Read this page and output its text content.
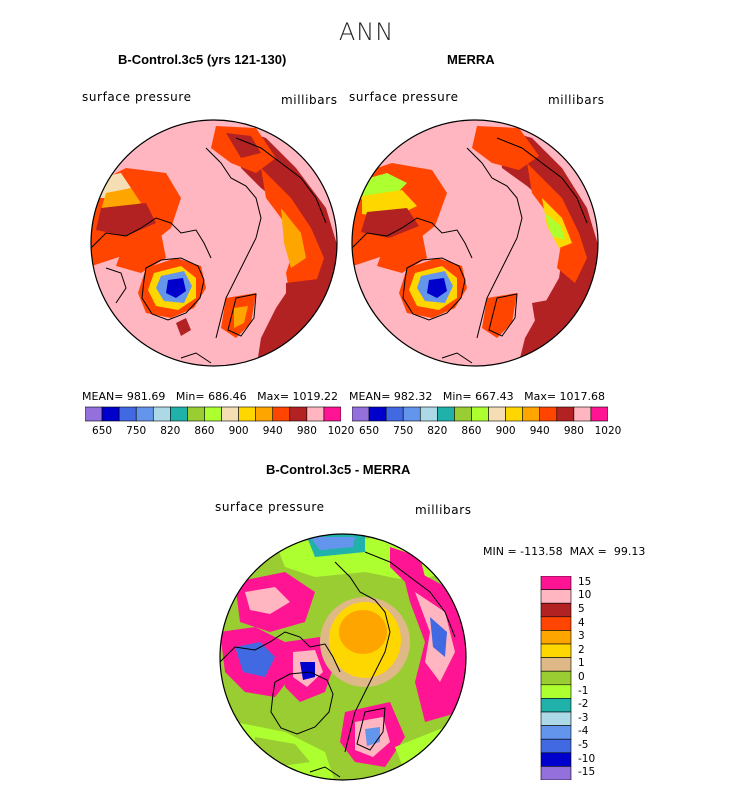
ANN
B-Control.3c5 (yrs 121-130)
surface pressure	millibars
MERRA
surface pressure	millibars
MEAN= 981.69   Min= 686.46   Max= 1019.22 MEAN= 982.32   Min= 667.43   Max= 1017.68
650	750	820	860	900	940	980	1020 650	750	820	860	900	940	980	1020
B-Control.3c5 - MERRA
surface pressure	millibars
MIN = -113.58  MAX =  99.13
15
10
5
4
3
2
1
0
-1
-2
-3
-4
-5
-10
-15
